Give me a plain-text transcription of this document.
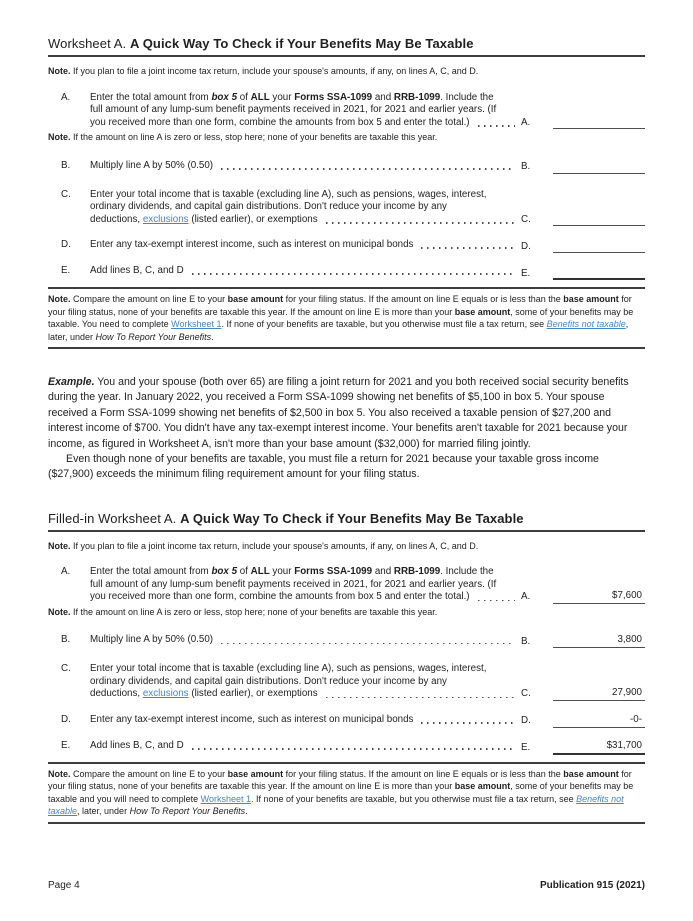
Worksheet A. A Quick Way To Check if Your Benefits May Be Taxable

Note. If you plan to file a joint income tax return, include your spouse's amounts, if any, on lines A, C, and D.

A.	Enter the total amount from box 5 of ALL your Forms SSA-1099 and RRB-1099. Include the
full amount of any lump-sum benefit payments received in 2021, for 2021 and earlier years. (If
you received more than one form, combine the amounts from box 5 and enter the total.)	A.

Note. If the amount on line A is zero or less, stop here; none of your benefits are taxable this year.

B.	Multiply line A by 50% (0.50)	B.
C.	Enter your total income that is taxable (excluding line A), such as pensions, wages, interest,
ordinary dividends, and capital gain distributions. Don't reduce your income by any
deductions, exclusions (listed earlier), or exemptions	C.
D.	Enter any tax-exempt interest income, such as interest on municipal bonds	D.
E.	Add lines B, C, and D	E.

Note. Compare the amount on line E to your base amount for your filing status. If the amount on line E equals or is less than the base amount for your filing status, none of your benefits are taxable this year. If the amount on line E is more than your base amount, some of your benefits may be taxable. You need to complete Worksheet 1. If none of your benefits are taxable, but you otherwise must file a tax return, see Benefits not taxable, later, under How To Report Your Benefits.

Example. You and your spouse (both over 65) are filing a joint return for 2021 and you both received social security benefits during the year. In January 2022, you received a Form SSA-1099 showing net benefits of $5,100 in box 5. Your spouse received a Form SSA-1099 showing net benefits of $2,500 in box 5. You also received a taxable pension of $27,200 and interest income of $700. You didn't have any tax-exempt interest income. Your benefits aren't taxable for 2021 because your income, as figured in Worksheet A, isn't more than your base amount ($32,000) for married filing jointly.

Even though none of your benefits are taxable, you must file a return for 2021 because your taxable gross income ($27,900) exceeds the minimum filing requirement amount for your filing status.

Filled-in Worksheet A. A Quick Way To Check if Your Benefits May Be Taxable

Note. If you plan to file a joint income tax return, include your spouse's amounts, if any, on lines A, C, and D.

A.	Enter the total amount from box 5 of ALL your Forms SSA-1099 and RRB-1099. Include the
full amount of any lump-sum benefit payments received in 2021, for 2021 and earlier years. (If
you received more than one form, combine the amounts from box 5 and enter the total.)	A.	$7,600

Note. If the amount on line A is zero or less, stop here; none of your benefits are taxable this year.

B.	Multiply line A by 50% (0.50)	B.	3,800
C.	Enter your total income that is taxable (excluding line A), such as pensions, wages, interest,
ordinary dividends, and capital gain distributions. Don't reduce your income by any
deductions, exclusions (listed earlier), or exemptions	C.	27,900
D.	Enter any tax-exempt interest income, such as interest on municipal bonds	D.	-0-
E.	Add lines B, C, and D	E.	$31,700

Note. Compare the amount on line E to your base amount for your filing status. If the amount on line E equals or is less than the base amount for your filing status, none of your benefits are taxable this year. If the amount on line E is more than your base amount, some of your benefits may be taxable and you will need to complete Worksheet 1. If none of your benefits are taxable, but you otherwise must file a tax return, see Benefits not taxable, later, under How To Report Your Benefits.

Page 4	Publication 915 (2021)
